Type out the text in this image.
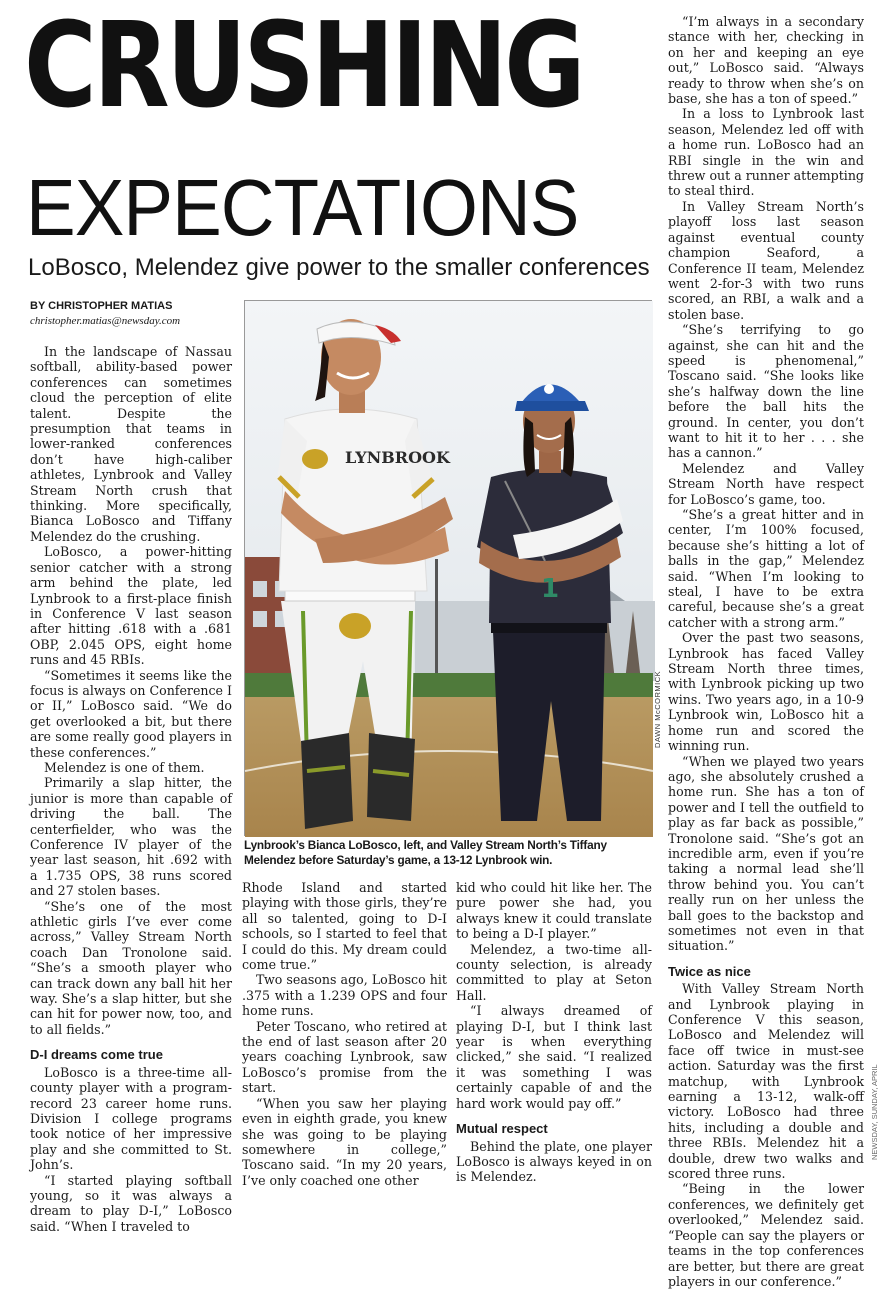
CRUSHING
EXPECTATIONS
LoBosco, Melendez give power to the smaller conferences
BY CHRISTOPHER MATIAS
christopher.matias@newsday.com

In the landscape of Nassau softball, ability-based power conferences can sometimes cloud the perception of elite talent. Despite the presumption that teams in lower-ranked conferences don’t have high-caliber athletes, Lynbrook and Valley Stream North crush that thinking. More specifically, Bianca LoBosco and Tiffany Melendez do the crushing.

LoBosco, a power-hitting senior catcher with a strong arm behind the plate, led Lynbrook to a first-place finish in Conference V last season after hitting .618 with a .681 OBP, 2.045 OPS, eight home runs and 45 RBIs.

“Sometimes it seems like the focus is always on Conference I or II,” LoBosco said. “We do get overlooked a bit, but there are some really good players in these conferences.”

Melendez is one of them.

Primarily a slap hitter, the junior is more than capable of driving the ball. The centerfielder, who was the Conference IV player of the year last season, hit .692 with a 1.735 OPS, 38 runs scored and 27 stolen bases.

“She’s one of the most athletic girls I’ve ever come across,” Valley Stream North coach Dan Tronolone said. “She’s a smooth player who can track down any ball hit her way. She’s a slap hitter, but she can hit for power now, too, and to all fields.”

D-I dreams come true

LoBosco is a three-time all-county player with a program-record 23 career home runs. Division I college programs took notice of her impressive play and she committed to St. John’s.

“I started playing softball young, so it was always a dream to play D-I,” LoBosco said. “When I traveled to

LYNBROOK
1
DAWN McCORMICK
Lynbrook’s Bianca LoBosco, left, and Valley Stream North’s Tiffany Melendez before Saturday’s game, a 13-12 Lynbrook win.

Rhode Island and started playing with those girls, they’re all so talented, going to D-I schools, so I started to feel that I could do this. My dream could come true.”

Two seasons ago, LoBosco hit .375 with a 1.239 OPS and four home runs.

Peter Toscano, who retired at the end of last season after 20 years coaching Lynbrook, saw LoBosco’s promise from the start.

“When you saw her playing even in eighth grade, you knew she was going to be playing somewhere in college,” Toscano said. “In my 20 years, I’ve only coached one other

kid who could hit like her. The pure power she had, you always knew it could translate to being a D-I player.”

Melendez, a two-time all-county selection, is already committed to play at Seton Hall.

“I always dreamed of playing D-I, but I think last year is when everything clicked,” she said. “I realized it was something I was certainly capable of and the hard work would pay off.”

Mutual respect

Behind the plate, one player LoBosco is always keyed in on is Melendez.

“I’m always in a secondary stance with her, checking in on her and keeping an eye out,” LoBosco said. “Always ready to throw when she’s on base, she has a ton of speed.”

In a loss to Lynbrook last season, Melendez led off with a home run. LoBosco had an RBI single in the win and threw out a runner attempting to steal third.

In Valley Stream North’s playoff loss last season against eventual county champion Seaford, a Conference II team, Melendez went 2-for-3 with two runs scored, an RBI, a walk and a stolen base.

“She’s terrifying to go against, she can hit and the speed is phenomenal,” Toscano said. “She looks like she’s halfway down the line before the ball hits the ground. In center, you don’t want to hit it to her . . . she has a cannon.”

Melendez and Valley Stream North have respect for LoBosco’s game, too.

“She’s a great hitter and in center, I’m 100% focused, because she’s hitting a lot of balls in the gap,” Melendez said. “When I’m looking to steal, I have to be extra careful, because she’s a great catcher with a strong arm.”

Over the past two seasons, Lynbrook has faced Valley Stream North three times, with Lynbrook picking up two wins. Two years ago, in a 10-9 Lynbrook win, LoBosco hit a home run and scored the winning run.

“When we played two years ago, she absolutely crushed a home run. She has a ton of power and I tell the outfield to play as far back as possible,” Tronolone said. “She’s got an incredible arm, even if you’re taking a normal lead she’ll throw behind you. You can’t really run on her unless the ball goes to the backstop and sometimes not even in that situation.”

Twice as nice

With Valley Stream North and Lynbrook playing in Conference V this season, LoBosco and Melendez will face off twice in must-see action. Saturday was the first matchup, with Lynbrook earning a 13-12, walk-off victory. LoBosco had three hits, including a double and three RBIs. Melendez hit a double, drew two walks and scored three runs.

“Being in the lower conferences, we definitely get overlooked,” Melendez said. “People can say the players or teams in the top conferences are better, but there are great players in our conference.”

NEWSDAY, SUNDAY, APRIL
